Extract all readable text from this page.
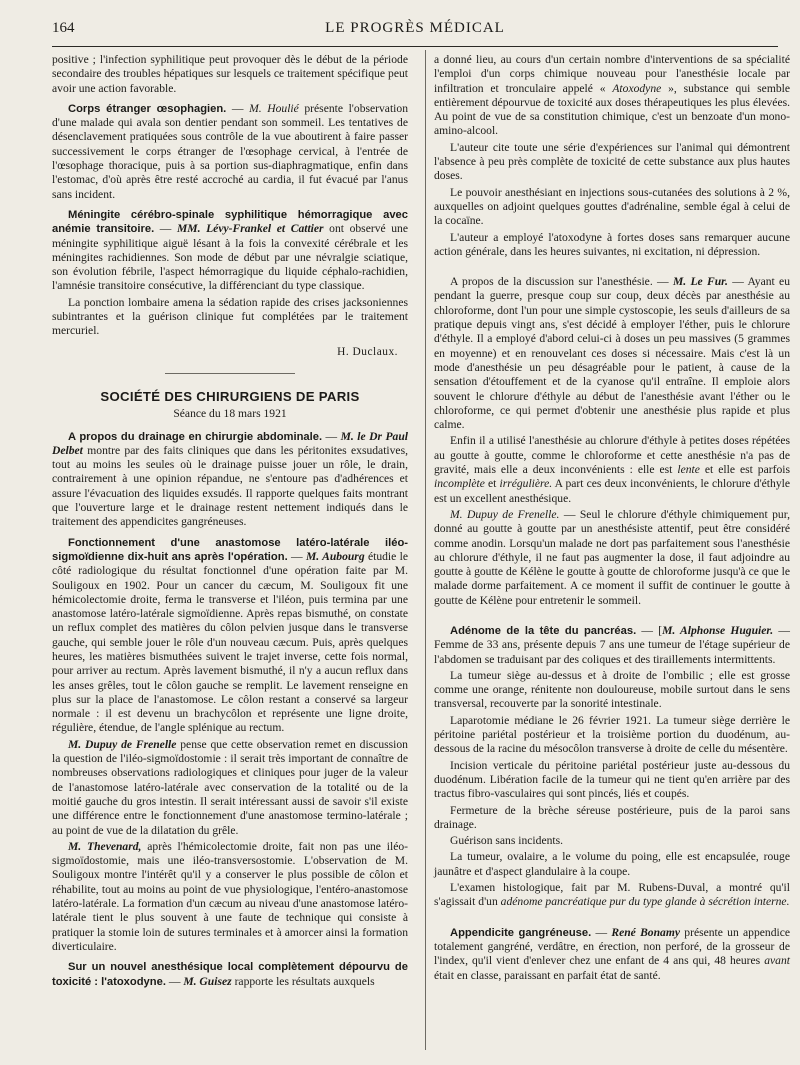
164	LE PROGRÈS MÉDICAL

positive ; l'infection syphilitique peut provoquer dès le début de la période secondaire des troubles hépatiques sur lesquels ce traitement spécifique peut avoir une action favorable.

Corps étranger œsophagien. — M. Houlié présente l'observation d'une malade qui avala son dentier pendant son sommeil. Les tentatives de désenclavement pratiquées sous contrôle de la vue aboutirent à faire passer successivement le corps étranger de l'œsophage cervical, à l'entrée de l'œsophage thoracique, puis à sa portion sus-diaphragmatique, enfin dans l'estomac, d'où après être resté accroché au cardia, il fut évacué par l'anus sans incident.

Méningite cérébro-spinale syphilitique hémorragique avec anémie transitoire. — MM. Lévy-Frankel et Cattier ont observé une méningite syphilitique aiguë lésant à la fois la convexité cérébrale et les méningites rachidiennes. Son mode de début par une névralgie sciatique, son évolution fébrile, l'aspect hémorragique du liquide céphalo-rachidien, l'amnésie transitoire consécutive, la différenciant du type classique.

La ponction lombaire amena la sédation rapide des crises jacksoniennes subintrantes et la guérison clinique fut complétées par le traitement mercuriel.

H. Duclaux.
SOCIÉTÉ DES CHIRURGIENS DE PARIS
Séance du 18 mars 1921

A propos du drainage en chirurgie abdominale. — M. le Dr Paul Delbet montre par des faits cliniques que dans les péritonites exsudatives, tout au moins les seules où le drainage puisse jouer un rôle, le drain, contrairement à une opinion répandue, ne s'entoure pas d'adhérences et assure l'évacuation des liquides exsudés. Il rapporte quelques faits montrant que l'ouverture large et le drainage restent nettement indiqués dans le traitement des appendicites gangréneuses.

Fonctionnement d'une anastomose latéro-latérale iléo-sigmoïdienne dix-huit ans après l'opération. — M. Aubourg étudie le côté radiologique du résultat fonctionnel d'une opération faite par M. Souligoux en 1902. Pour un cancer du cæcum, M. Souligoux fit une hémicolectomie droite, ferma le transverse et l'iléon, puis termina par une anastomose latéro-latérale sigmoïdienne. Après repas bismuthé, on constate un reflux complet des matières du côlon pelvien jusque dans le transverse gauche, qui semble jouer le rôle d'un nouveau cæcum. Puis, après quelques heures, les matières bismuthées suivent le trajet inverse, cette fois normal, pour arriver au rectum. Après lavement bismuthé, il n'y a aucun reflux dans les anses grêles, tout le côlon gauche se remplit. Le lavement renseigne en plus sur la place de l'anastomose. Le côlon restant a conservé sa largeur normale : il est devenu un brachycôlon et représente une ligne droite, régulière, étendue, de l'angle splénique au rectum.

M. Dupuy de Frenelle pense que cette observation remet en discussion la question de l'iléo-sigmoïdostomie : il serait très important de connaître de nombreuses observations radiologiques et cliniques pour juger de la valeur de l'anastomose latéro-latérale avec conservation de la totalité ou de la moitié gauche du gros intestin. Il serait intéressant aussi de savoir s'il existe une différence entre le fonctionnement d'une anastomose termino-latérale ; au point de vue de la dilatation du grêle.

M. Thevenard, après l'hémicolectomie droite, fait non pas une iléo-sigmoïdostomie, mais une iléo-transversostomie. L'observation de M. Souligoux montre l'intérêt qu'il y a conserver le plus possible de côlon et réhabilite, tout au moins au point de vue physiologique, l'entéro-anastomose latéro-latérale. La formation d'un cæcum au niveau d'une anastomose latéro-latérale tient le plus souvent à une faute de technique qui consiste à pratiquer la stomie loin de sutures terminales et à amorcer ainsi la formation diverticulaire.

Sur un nouvel anesthésique local complètement dépourvu de toxicité : l'atoxodyne. — M. Guisez rapporte les résultats auxquels

a donné lieu, au cours d'un certain nombre d'interventions de sa spécialité l'emploi d'un corps chimique nouveau pour l'anesthésie locale par infiltration et tronculaire appelé « Atoxodyne », substance qui semble entièrement dépourvue de toxicité aux doses thérapeutiques les plus élevées. Au point de vue de sa constitution chimique, c'est un benzoate d'un mono-amino-alcool.

L'auteur cite toute une série d'expériences sur l'animal qui démontrent l'absence à peu près complète de toxicité de cette substance aux plus hautes doses.

Le pouvoir anesthésiant en injections sous-cutanées des solutions à 2 %, auxquelles on adjoint quelques gouttes d'adrénaline, semble égal à celui de la cocaïne.

L'auteur a employé l'atoxodyne à fortes doses sans remarquer aucune action générale, dans les heures suivantes, ni excitation, ni dépression.

A propos de la discussion sur l'anesthésie. — M. Le Fur. — Ayant eu pendant la guerre, presque coup sur coup, deux décès par anesthésie au chloroforme, dont l'un pour une simple cystoscopie, les seuls d'ailleurs de sa pratique depuis vingt ans, s'est décidé à employer l'éther, puis le chlorure d'éthyle. Il a employé d'abord celui-ci à doses un peu massives (5 grammes en moyenne) et en renouvelant ces doses si nécessaire. Mais c'est là un mode d'anesthésie un peu désagréable pour le patient, à cause de la sensation d'étouffement et de la cyanose qu'il entraîne. Il emploie alors souvent le chlorure d'éthyle au début de l'anesthésie avant l'éther ou le chloroforme, ce qui permet d'obtenir une anesthésie plus rapide et plus calme.

Enfin il a utilisé l'anesthésie au chlorure d'éthyle à petites doses répétées au goutte à goutte, comme le chloroforme et cette anesthésie n'a pas de gravité, mais elle a deux inconvénients : elle est lente et elle est parfois incomplète et irrégulière. A part ces deux inconvénients, le chlorure d'éthyle est un excellent anesthésique.

M. Dupuy de Frenelle. — Seul le chlorure d'éthyle chimiquement pur, donné au goutte à goutte par un anesthésiste attentif, peut être considéré comme anodin. Lorsqu'un malade ne dort pas parfaitement sous l'anesthésie au chlorure d'éthyle, il ne faut pas augmenter la dose, il faut adjoindre au goutte à goutte de Kélène le goutte à goutte de chloroforme jusqu'à ce que le malade dorme parfaitement. A ce moment il suffit de continuer le goutte à goutte de Kélène pour entretenir le sommeil.

Adénome de la tête du pancréas. — [M. Alphonse Huguier. — Femme de 33 ans, présente depuis 7 ans une tumeur de l'étage supérieur de l'abdomen se traduisant par des coliques et des tiraillements intermittents.

La tumeur siège au-dessus et à droite de l'ombilic ; elle est grosse comme une orange, rénitente non douloureuse, mobile surtout dans le sens transversal, recouverte par la sonorité intestinale.

Laparotomie médiane le 26 février 1921. La tumeur siège derrière le péritoine pariétal postérieur et la troisième portion du duodénum, au-dessous de la racine du mésocôlon transverse à droite de celle du mésentère.

Incision verticale du péritoine pariétal postérieur juste au-dessous du duodénum. Libération facile de la tumeur qui ne tient qu'en arrière par des tractus fibro-vasculaires qui sont pincés, liés et coupés.

Fermeture de la brèche séreuse postérieure, puis de la paroi sans drainage.

Guérison sans incidents.

La tumeur, ovalaire, a le volume du poing, elle est encapsulée, rouge jaunâtre et d'aspect glandulaire à la coupe.

L'examen histologique, fait par M. Rubens-Duval, a montré qu'il s'agissait d'un adénome pancréatique pur du type glande à sécrétion interne.

Appendicite gangréneuse. — René Bonamy présente un appendice totalement gangréné, verdâtre, en érection, non perforé, de la grosseur de l'index, qu'il vient d'enlever chez une enfant de 4 ans qui, 48 heures avant était en classe, paraissant en parfait état de santé.
